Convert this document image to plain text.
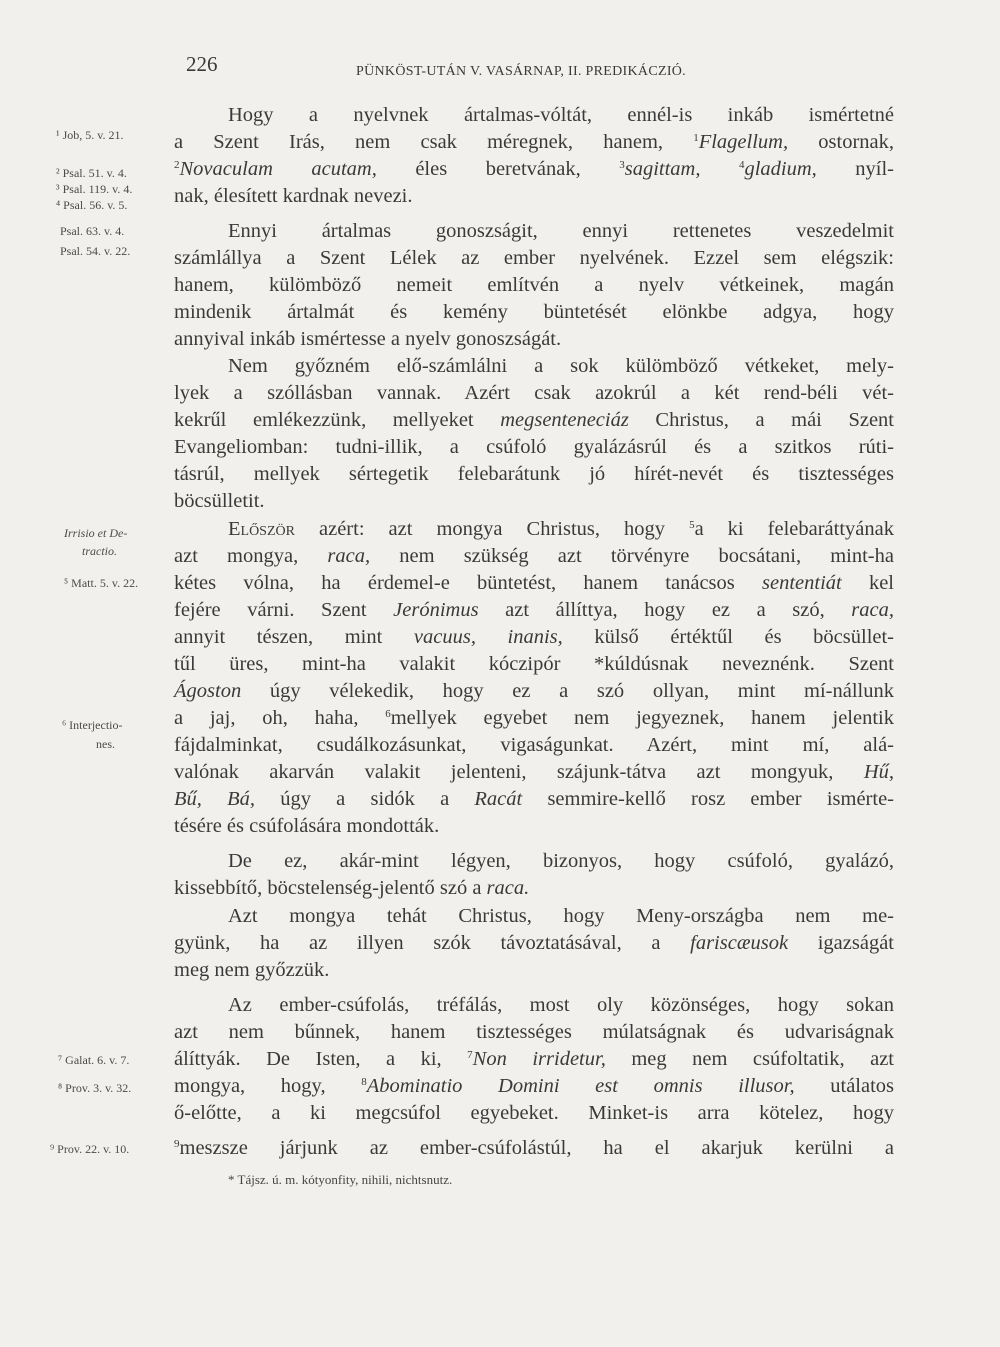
226	PÜNKÖST-UTÁN V. VASÁRNAP, II. PREDIKÁCZIÓ.
¹ Job, 5. v. 21.
² Psal. 51. v. 4.
³ Psal. 119. v. 4.
⁴ Psal. 56. v. 5.
Psal. 63. v. 4.
Psal. 54. v. 22.
Irrisio et De-
tractio.
⁵ Matt. 5. v. 22.
⁶ Interjectio-
nes.
⁷ Galat. 6. v. 7.
⁸ Prov. 3. v. 32.
⁹ Prov. 22. v. 10.
Hogy a nyelvnek ártalmas-vóltát, ennél-is inkáb ismértetné
a Szent Irás, nem csak méregnek, hanem, $^1$Flagellum, ostornak,
$^2$Novaculam acutam, éles beretvának, $^3$sagittam,	$^4$gladium, nyíl-
nak, élesített kardnak nevezi.
Ennyi ártalmas gonoszságit, ennyi rettenetes veszedelmit
számlállya a Szent Lélek az ember nyelvének. Ezzel sem elégszik:
hanem, külömböző nemeit említvén a nyelv vétkeinek, magán
mindenik ártalmát és kemény büntetését elönkbe adgya, hogy
annyival inkáb ismértesse a nyelv gonoszságát.
Nem győzném elő-számlálni a sok külömböző vétkeket, mely-
lyek a szóllásban vannak. Azért csak azokrúl a két rend-béli vét-
kekrűl emlékezzünk, mellyeket megsenteneciáz Christus, a mái Szent
Evangeliomban: tudni-illik, a csúfoló gyalázásrúl és a szitkos rúti-
tásrúl, mellyek sértegetik felebarátunk jó hírét-nevét és tisztességes
böcsülletit.
Először azért: azt mongya Christus, hogy $^5$a ki felebaráttyának
azt mongya, raca, nem szükség azt törvényre bocsátani, mint-ha
kétes vólna, ha érdemel-e büntetést, hanem tanácsos sententiát kel
fejére várni. Szent Jerónimus azt állíttya, hogy ez a szó, raca,
annyit tészen, mint vacuus, inanis, külső értéktűl és böcsüllet-
tűl üres, mint-ha valakit kóczipór *kúldúsnak neveznénk. Szent
Ágoston úgy vélekedik, hogy ez a szó ollyan, mint mí-nállunk
a jaj, oh, haha, $^6$mellyek egyebet nem jegyeznek, hanem jelentik
fájdalminkat, csudálkozásunkat, vigaságunkat. Azért, mint mí, alá-
valónak akarván valakit jelenteni, szájunk-tátva azt mongyuk, Hű,
Bű, Bá, úgy a sidók a Racát semmire-kellő rosz ember ismérte-
tésére és csúfolására mondották.
De ez, akár-mint légyen, bizonyos, hogy csúfoló, gyalázó,
kissebbítő, böcstelenség-jelentő szó a raca.
Azt mongya tehát Christus, hogy Meny-országba nem me-
gyünk, ha az illyen szók távoztatásával, a fariscæusok igazságát
meg nem győzzük.
Az ember-csúfolás, tréfálás, most oly közönséges, hogy sokan
azt nem bűnnek, hanem tisztességes múlatságnak és udvariságnak
álíttyák. De Isten, a ki, $^7$Non irridetur, meg nem csúfoltatik, azt
mongya, hogy, $^8$Abominatio Domini est omnis illusor, utálatos
ő-előtte, a ki megcsúfol egyebeket. Minket-is arra kötelez, hogy
$^9$meszsze járjunk az ember-csúfolástúl, ha el akarjuk kerülni a
* Tájsz. ú. m. kótyonfity, nihili, nichtsnutz.
